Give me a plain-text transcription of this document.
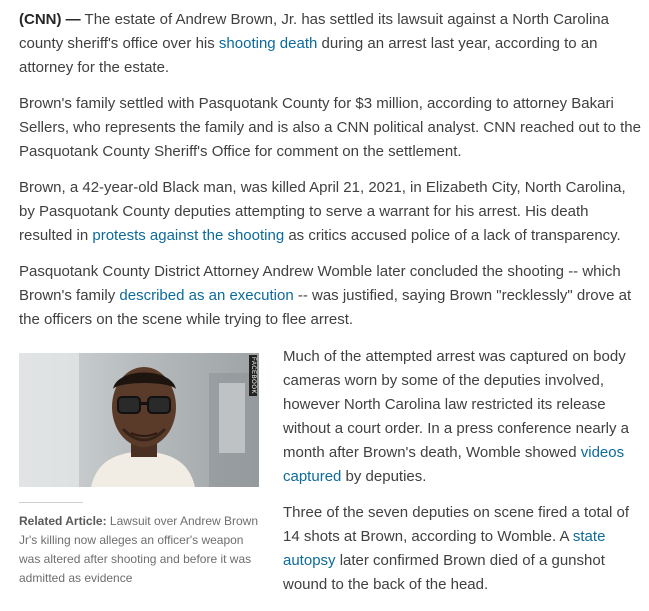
(CNN) — The estate of Andrew Brown, Jr. has settled its lawsuit against a North Carolina county sheriff's office over his shooting death during an arrest last year, according to an attorney for the estate.

Brown's family settled with Pasquotank County for $3 million, according to attorney Bakari Sellers, who represents the family and is also a CNN political analyst. CNN reached out to the Pasquotank County Sheriff's Office for comment on the settlement.

Brown, a 42-year-old Black man, was killed April 21, 2021, in Elizabeth City, North Carolina, by Pasquotank County deputies attempting to serve a warrant for his arrest. His death resulted in protests against the shooting as critics accused police of a lack of transparency.

Pasquotank County District Attorney Andrew Womble later concluded the shooting -- which Brown's family described as an execution -- was justified, saying Brown "recklessly" drove at the officers on the scene while trying to flee arrest.

FACEBOOK
Related Article: Lawsuit over Andrew Brown Jr's killing now alleges an officer's weapon was altered after shooting and before it was admitted as evidence

Much of the attempted arrest was captured on body cameras worn by some of the deputies involved, however North Carolina law restricted its release without a court order. In a press conference nearly a month after Brown's death, Womble showed videos captured by deputies.

Three of the seven deputies on scene fired a total of 14 shots at Brown, according to Womble. A state autopsy later confirmed Brown died of a gunshot wound to the back of the head.
